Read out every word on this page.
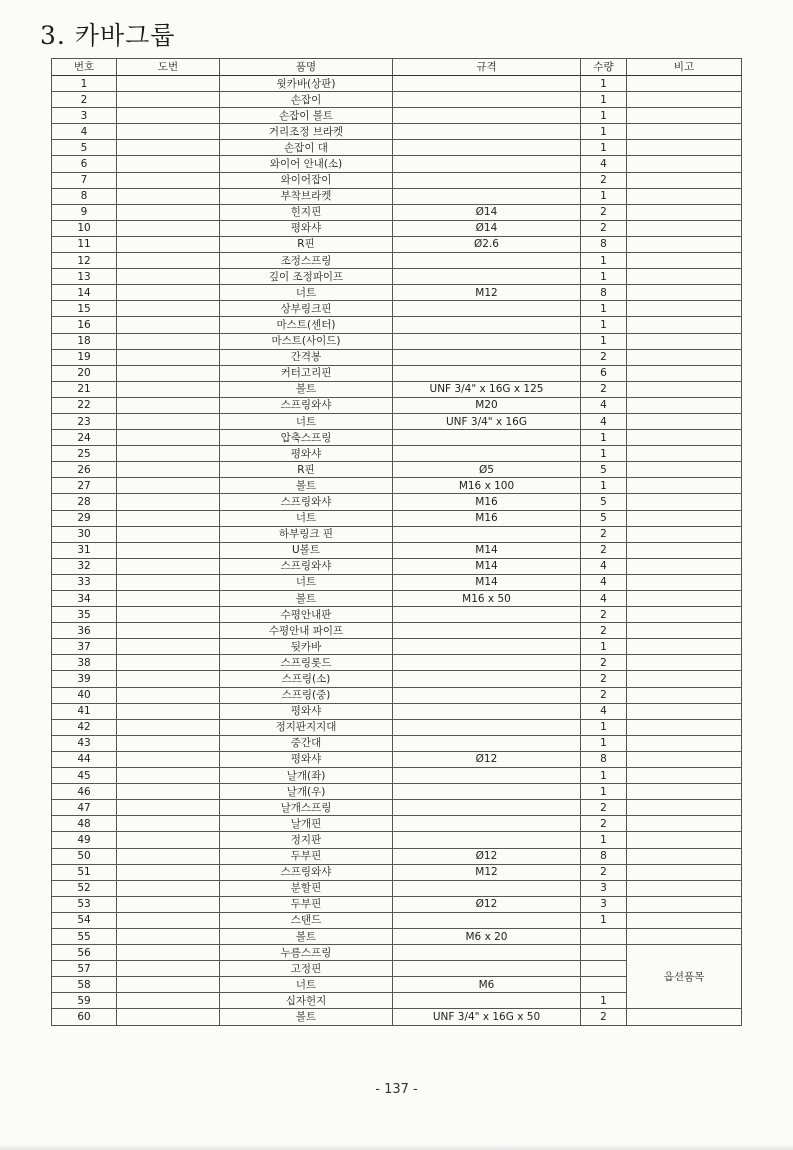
3. 카바그룹
번호	도번	품명	규격	수량	비고
1		윗카바(상판)		1	
2		손잡이		1	
3		손잡이 볼트		1	
4		거리조정 브라켓		1	
5		손잡이 대		1	
6		와이어 안내(소)		4	
7		와이어잡이		2	
8		부착브라켓		1	
9		힌지핀	Ø14	2	
10		평와샤	Ø14	2	
11		R핀	Ø2.6	8	
12		조정스프링		1	
13		깊이 조정파이프		1	
14		너트	M12	8	
15		상부링크핀		1	
16		마스트(센터)		1	
18		마스트(사이드)		1	
19		간격봉		2	
20		커터고리핀		6	
21		볼트	UNF 3/4" x 16G x 125	2	
22		스프링와샤	M20	4	
23		너트	UNF 3/4" x 16G	4	
24		압축스프링		1	
25		평와샤		1	
26		R핀	Ø5	5	
27		볼트	M16 x 100	1	
28		스프링와샤	M16	5	
29		너트	M16	5	
30		하부링크 핀		2	
31		U볼트	M14	2	
32		스프링와샤	M14	4	
33		너트	M14	4	
34		볼트	M16 x 50	4	
35		수평안내판		2	
36		수평안내 파이프		2	
37		뒷카바		1	
38		스프링롯드		2	
39		스프링(소)		2	
40		스프링(중)		2	
41		평와샤		4	
42		정지판지지대		1	
43		중간대		1	
44		평와샤	Ø12	8	
45		날개(좌)		1	
46		날개(우)		1	
47		날개스프링		2	
48		날개핀		2	
49		정지판		1	
50		두부핀	Ø12	8	
51		스프링와샤	M12	2	
52		분할핀		3	
53		두부핀	Ø12	3	
54		스탠드		1	
55		볼트	M6 x 20		
56		누름스프링			옵션품목
57		고정핀			
58		너트	M6		
59		십자헌지		1	
60		볼트	UNF 3/4" x 16G x 50	2	
- 137 -
